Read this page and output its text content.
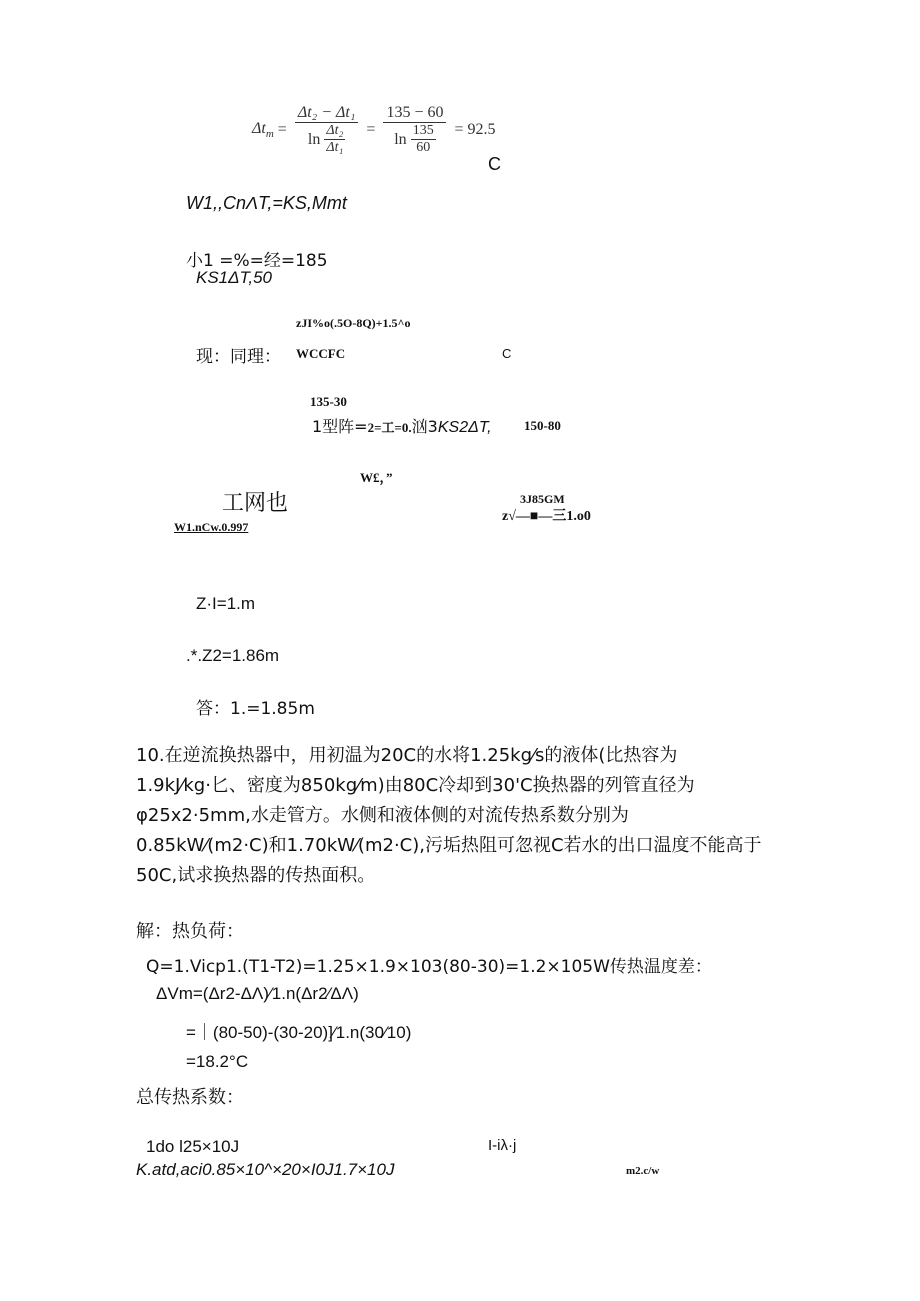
$\Delta t_m = \frac{\text{Δt₂ − Δt₁}}{\ln \frac{\text{Δt₂}}{\text{Δt₁}}} = \frac{135 - 60}{\ln \frac{135}{60}} = 92.5$
C
W1,,CnΛT,=KS,Mmt
小1 =%=经=185
KS1ΔT,50
zJI%o(.5O-8Q)+1.5^o
现：同理： WCCFC	C
135-30
1型阵=2=工=0.汹3KS2ΔT, 150-80
W£，”
工网也
W1.nCw.0.997
3J85GM
z√—■—三1.o0
Z·I=1.m
.*.Z2=1.86m
答：1.=1.85m
10.在逆流换热器中，用初温为20C的水将1.25kg⁄s的液体(比热容为
1.9kJ⁄kg·匕、密度为850kg⁄m)由80C冷却到30'C换热器的列管直径为
φ25x2·5mm,水走管方。水侧和液体侧的对流传热系数分别为
0.85kW⁄(m2·C)和1.70kW⁄(m2·C),污垢热阻可忽视C若水的出口温度不能高于
50C,试求换热器的传热面积。
解：热负荷：
Q=1.Vicp1.(T1-T2)=1.25×1.9×103(80-30)=1.2×105W传热温度差：
ΔVm=(Δr2-ΔΛ)⁄1.n(Δr2⁄ΔΛ)
=｜(80-50)-(30-20)]⁄1.n(30⁄10)
=18.2°C
总传热系数：
1do l25×10J	I-iλ·j
K.atd,aci0.85×10^×20×I0J1.7×10J	m2.c/w
